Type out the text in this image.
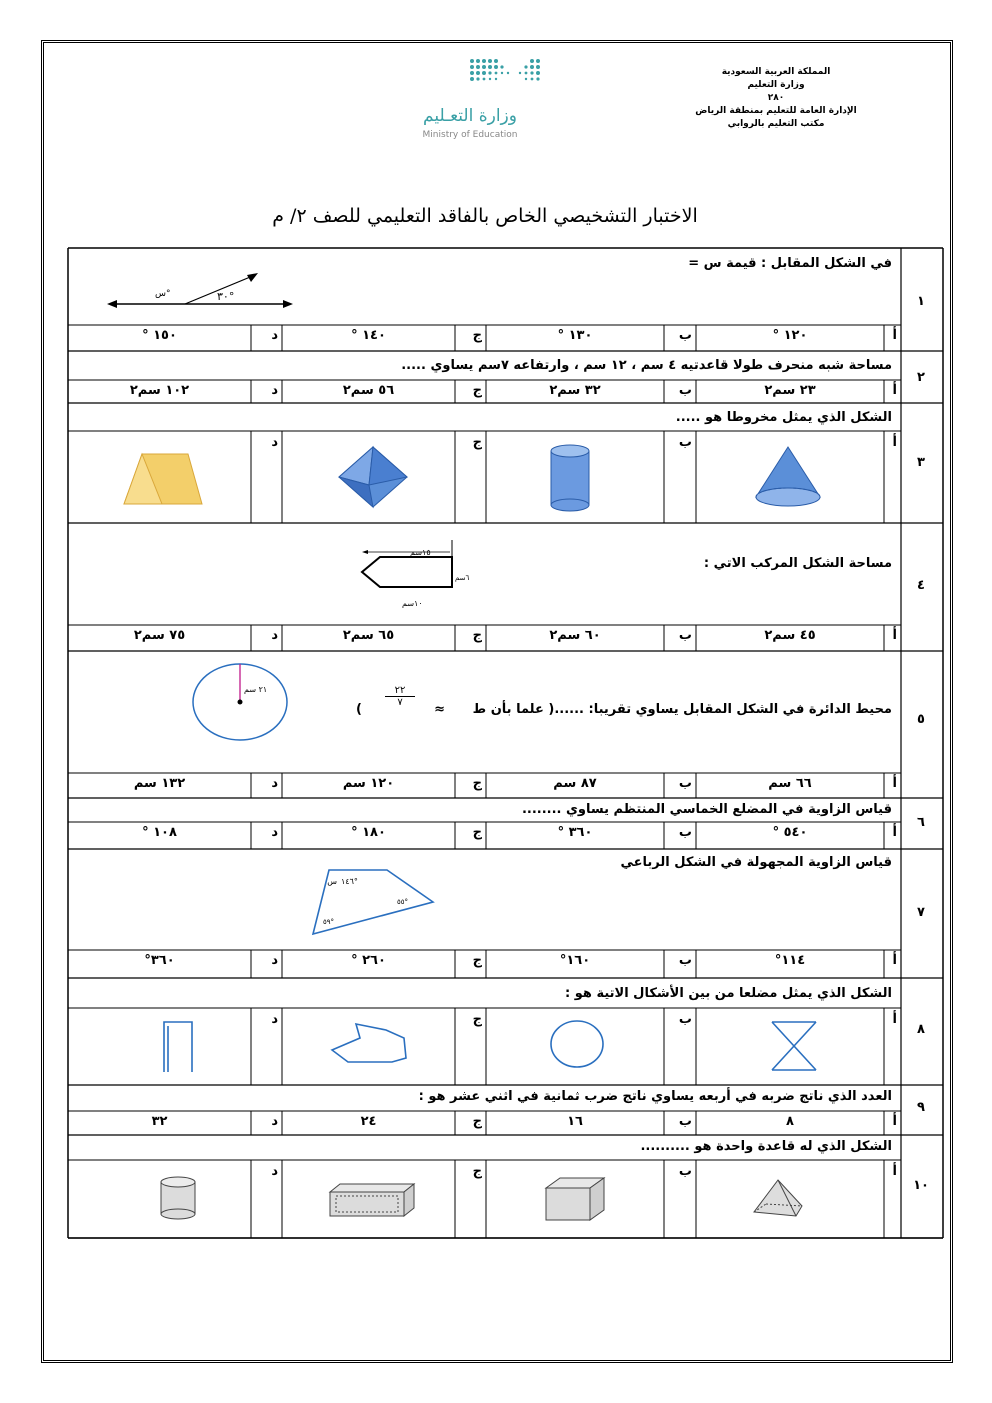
المملكة العربية السعودية
وزارة التعليم
٢٨٠
الإدارة العامة للتعليم بمنطقة الرياض
مكتب التعليم بالروابي
وزارة التعـليم
Ministry of Education
الاختبار التشخيصي الخاص بالفاقد التعليمي للصف ٢/ م
في الشكل المقابل : قيمة س =
١
٣٠°
س°
مساحة شبه منحرف طولا قاعدتيه ٤ سم ، ١٢ سم ، وارتفاعه ٧سم يساوي .....
٢
الشكل الذي يمثل مخروطا هو .....
٣
مساحة الشكل المركب الاتي :
٤
١٥سم
٦سم
١٠سم
محيط الدائرة في الشكل المقابل يساوي تقريبا: ......( علما بأن ط
≈
٢٢
٧
)
٥
٢١ سم
قياس الزاوية في المضلع الخماسي المنتظم يساوي ........
٦
قياس الزاوية المجهولة في الشكل الرباعي
٧
١٤٦°
س
٥٥°
٥٩°
الشكل الذي يمثل مضلعا من بين الأشكال الاتية هو :
٨
العدد الذي ناتج ضربه في أربعه يساوي ناتج ضرب ثمانية في اثني عشر هو :
٩
الشكل الذي له قاعدة واحدة هو ..........
١٠
أ
١٢٠ °
ب
١٣٠ °
ج
١٤٠ °
د
١٥٠ °
أ
٢٣ سم٢
ب
٣٢ سم٢
ج
٥٦ سم٢
د
١٠٢ سم٢
أ
ب
ج
د
أ
٤٥ سم٢
ب
٦٠ سم٢
ج
٦٥ سم٢
د
٧٥ سم٢
أ
٦٦ سم
ب
٨٧ سم
ج
١٢٠ سم
د
١٣٢ سم
أ
٥٤٠ °
ب
٣٦٠ °
ج
١٨٠ °
د
١٠٨ °
أ
١١٤°
ب
١٦٠°
ج
٢٦٠ °
د
٣٦٠°
أ
ب
ج
د
أ
٨
ب
١٦
ج
٢٤
د
٣٢
أ
ب
ج
د
